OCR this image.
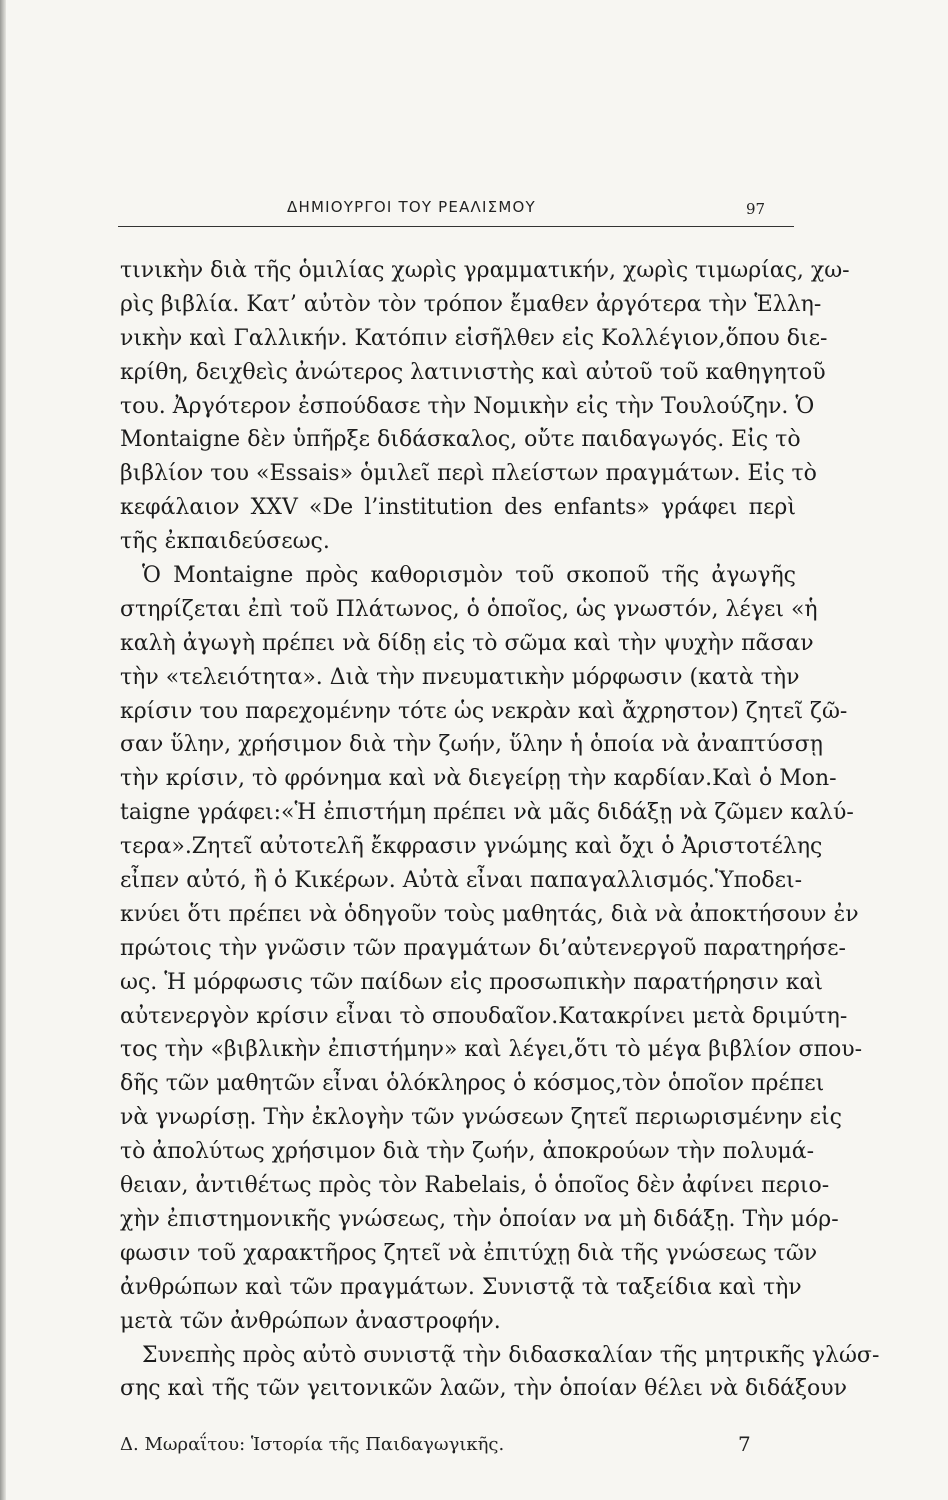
ΔΗΜΙΟΥΡΓΟΙ ΤΟΥ ΡΕΑΛΙΣΜΟΥ	97
τινικὴν διὰ τῆς ὁμιλίας χωρὶς γραμματικήν, χωρὶς τιμωρίας, χω-
ρὶς βιβλία. Κατ’ αὐτὸν τὸν τρόπον ἔμαθεν ἀργότερα τὴν Ἑλλη-
νικὴν καὶ Γαλλικήν. Κατόπιν εἰσῆλθεν εἰς Κολλέγιον,ὅπου διε-
κρίθη, δειχθεὶς ἀνώτερος λατινιστὴς καὶ αὐτοῦ τοῦ καθηγητοῦ
του. Ἀργότερον ἐσπούδασε τὴν Νομικὴν εἰς τὴν Τουλούζην. Ὁ
Montaigne δὲν ὑπῆρξε διδάσκαλος, οὔτε παιδαγωγός. Εἰς τὸ
βιβλίον του «Essais» ὁμιλεῖ περὶ πλείστων πραγμάτων. Εἰς τὸ
κεφάλαιον XXV «De l’institution des enfants» γράφει περὶ
τῆς ἐκπαιδεύσεως.
Ὁ Montaigne πρὸς καθορισμὸν τοῦ σκοποῦ τῆς ἀγωγῆς
στηρίζεται ἐπὶ τοῦ Πλάτωνος, ὁ ὁποῖος, ὡς γνωστόν, λέγει «ἡ
καλὴ ἀγωγὴ πρέπει νὰ δίδῃ εἰς τὸ σῶμα καὶ τὴν ψυχὴν πᾶσαν
τὴν «τελειότητα». Διὰ τὴν πνευματικὴν μόρφωσιν (κατὰ τὴν
κρίσιν του παρεχομένην τότε ὡς νεκρὰν καὶ ἄχρηστον) ζητεῖ ζῶ-
σαν ὕλην, χρήσιμον διὰ τὴν ζωήν, ὕλην ἡ ὁποία νὰ ἀναπτύσσῃ
τὴν κρίσιν, τὸ φρόνημα καὶ νὰ διεγείρῃ τὴν καρδίαν.Καὶ ὁ Mon-
taigne γράφει:«Ἡ ἐπιστήμη πρέπει νὰ μᾶς διδάξῃ νὰ ζῶμεν καλύ-
τερα».Ζητεῖ αὐτοτελῆ ἔκφρασιν γνώμης καὶ ὄχι ὁ Ἀριστοτέλης
εἶπεν αὐτό, ἢ ὁ Κικέρων. Αὐτὰ εἶναι παπαγαλλισμός.Ὑποδει-
κνύει ὅτι πρέπει νὰ ὁδηγοῦν τοὺς μαθητάς, διὰ νὰ ἀποκτήσουν ἐν
πρώτοις τὴν γνῶσιν τῶν πραγμάτων δι’αὐτενεργοῦ παρατηρήσε-
ως. Ἡ μόρφωσις τῶν παίδων εἰς προσωπικὴν παρατήρησιν καὶ
αὐτενεργὸν κρίσιν εἶναι τὸ σπουδαῖον.Κατακρίνει μετὰ δριμύτη-
τος τὴν «βιβλικὴν ἐπιστήμην» καὶ λέγει,ὅτι τὸ μέγα βιβλίον σπου-
δῆς τῶν μαθητῶν εἶναι ὁλόκληρος ὁ κόσμος,τὸν ὁποῖον πρέπει
νὰ γνωρίσῃ. Τὴν ἐκλογὴν τῶν γνώσεων ζητεῖ περιωρισμένην εἰς
τὸ ἀπολύτως χρήσιμον διὰ τὴν ζωήν, ἀποκρούων τὴν πολυμά-
θειαν, ἀντιθέτως πρὸς τὸν Rabelais, ὁ ὁποῖος δὲν ἀφίνει περιο-
χὴν ἐπιστημονικῆς γνώσεως, τὴν ὁποίαν να μὴ διδάξῃ. Τὴν μόρ-
φωσιν τοῦ χαρακτῆρος ζητεῖ νὰ ἐπιτύχῃ διὰ τῆς γνώσεως τῶν
ἀνθρώπων καὶ τῶν πραγμάτων. Συνιστᾷ τὰ ταξείδια καὶ τὴν
μετὰ τῶν ἀνθρώπων ἀναστροφήν.
Συνεπὴς πρὸς αὐτὸ συνιστᾷ τὴν διδασκαλίαν τῆς μητρικῆς γλώσ-
σης καὶ τῆς τῶν γειτονικῶν λαῶν, τὴν ὁποίαν θέλει νὰ διδάξουν
Δ. Μωραΐτου: Ἱστορία τῆς Παιδαγωγικῆς.	7
